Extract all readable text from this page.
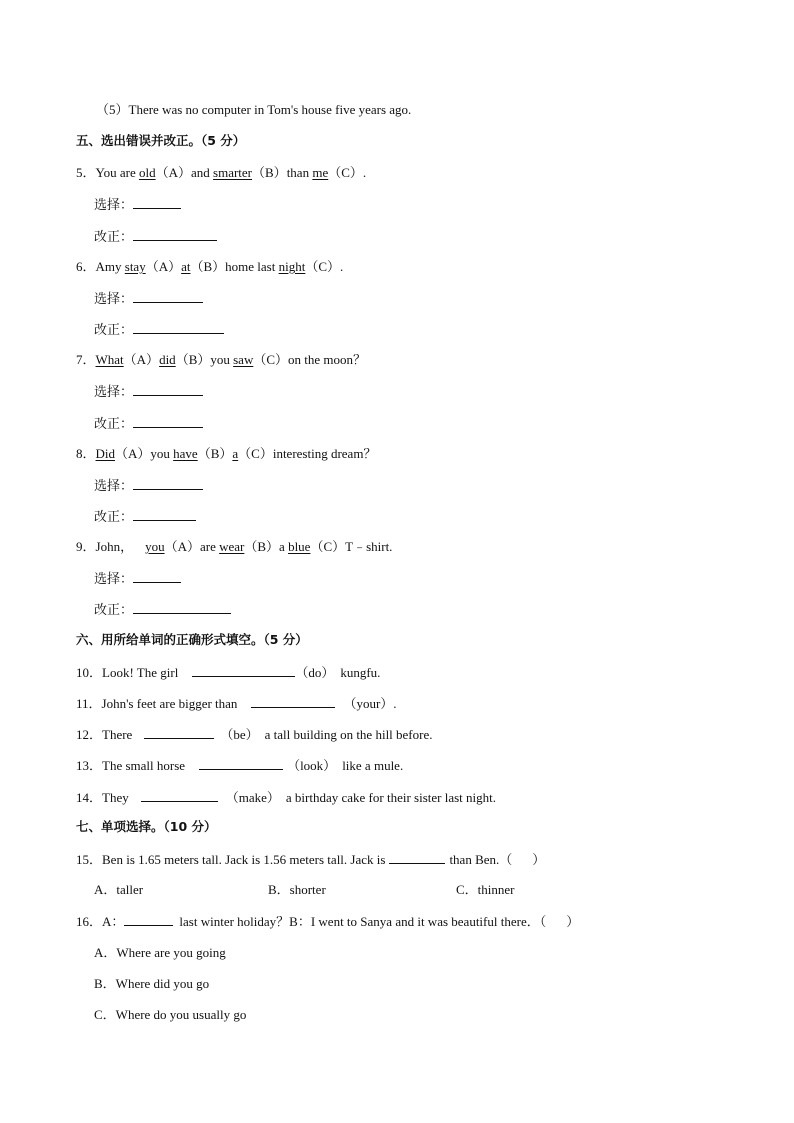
（5）There was no computer in Tom's house five years ago.
五、选出错误并改正。（5 分）
5．You are old（A）and smarter（B）than me（C）.
选择：
改正：
6．Amy stay（A）at（B）home last night（C）.
选择：
改正：
7．What（A）did（B）you saw（C）on the moon？
选择：
改正：
8．Did（A）you have（B）a（C）interesting dream？
选择：
改正：
9．John， you（A）are wear（B）a blue（C）T﹣shirt.
选择：
改正：
六、用所给单词的正确形式填空。（5 分）
10．Look! The girl	（do） kungfu.
11．John's feet are bigger than	（your）.
12．There	（be） a tall building on the hill before.
13．The small horse	（look） like a mule.
14．They	（make） a birthday cake for their sister last night.
七、单项选择。（10 分）
15．Ben is 1.65 meters tall. Jack is 1.56 meters tall. Jack is	than Ben.（ ）
A．taller	B．shorter	C．thinner
16．A：	last winter holiday？B：I went to Sanya and it was beautiful there．（ ）
A．Where are you going
B．Where did you go
C．Where do you usually go
